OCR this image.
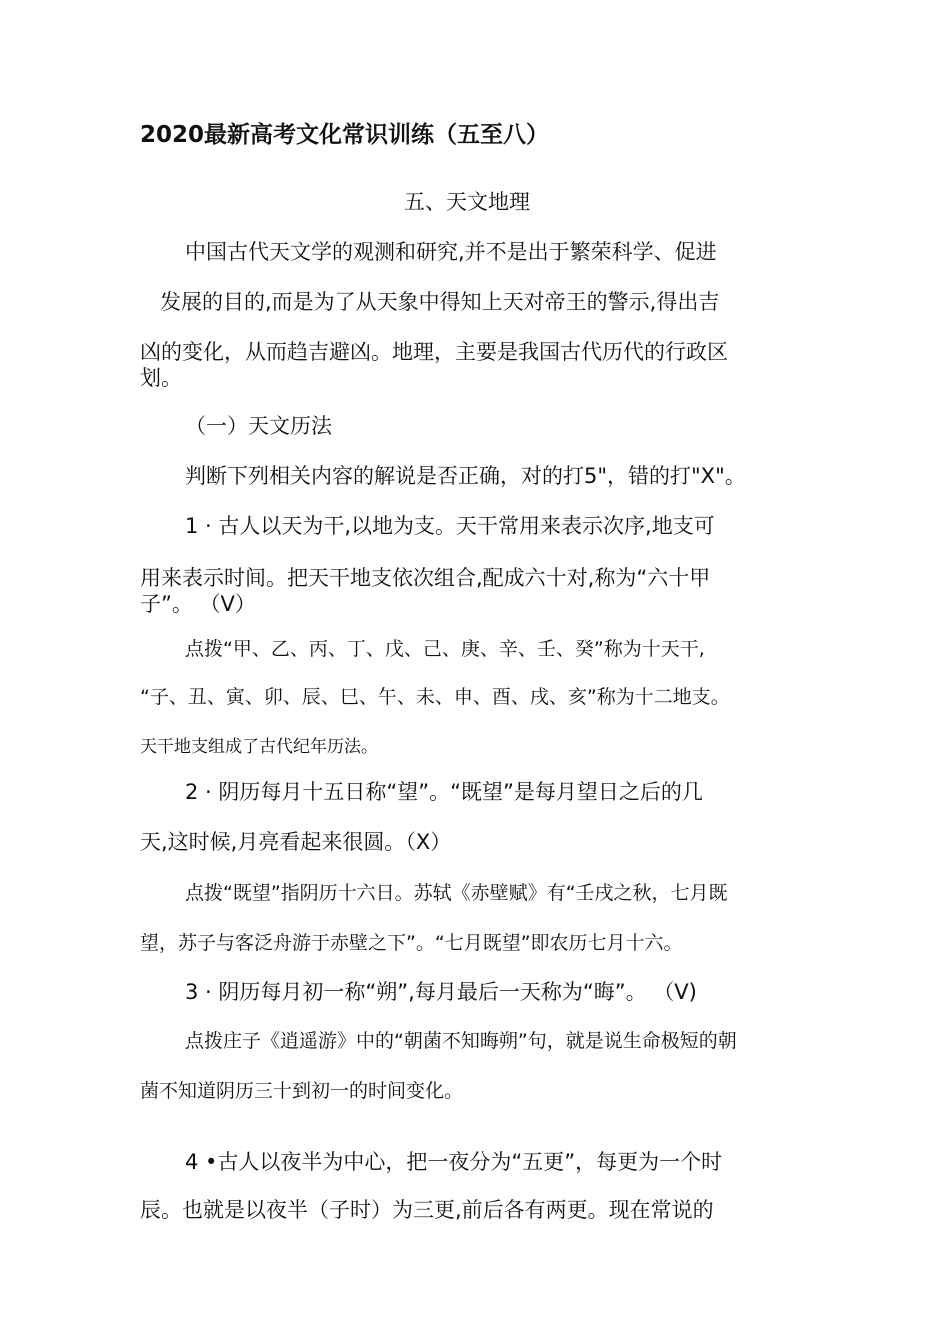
2020最新高考文化常识训练（五至八）
五、天文地理
中国古代天文学的观测和研究,并不是出于繁荣科学、促进
发展的目的,而是为了从天象中得知上天对帝王的警示,得出吉
凶的变化，从而趋吉避凶。地理，主要是我国古代历代的行政区
划。
（一）天文历法
判断下列相关内容的解说是否正确，对的打5"，错的打"X"。
1 · 古人以天为干,以地为支。天干常用来表示次序,地支可
用来表示时间。把天干地支依次组合,配成六十对,称为“六十甲
子”。 （V）
点拨“甲、乙、丙、丁、戊、己、庚、辛、壬、癸”称为十天干,
“子、丑、寅、卯、辰、巳、午、未、申、酉、戌、亥”称为十二地支。
天干地支组成了古代纪年历法。
2 · 阴历每月十五日称“望”。“既望”是每月望日之后的几
天,这时候,月亮看起来很圆。（X）
点拨“既望”指阴历十六日。苏轼《赤壁赋》有“壬戌之秋，七月既
望，苏子与客泛舟游于赤壁之下”。“七月既望”即农历七月十六。
3 · 阴历每月初一称“朔”,每月最后一天称为“晦”。 （V)
点拨庄子《逍遥游》中的“朝菌不知晦朔”句，就是说生命极短的朝
菌不知道阴历三十到初一的时间变化。
4 •古人以夜半为中心，把一夜分为“五更”，每更为一个时
辰。也就是以夜半（子时）为三更,前后各有两更。现在常说的
